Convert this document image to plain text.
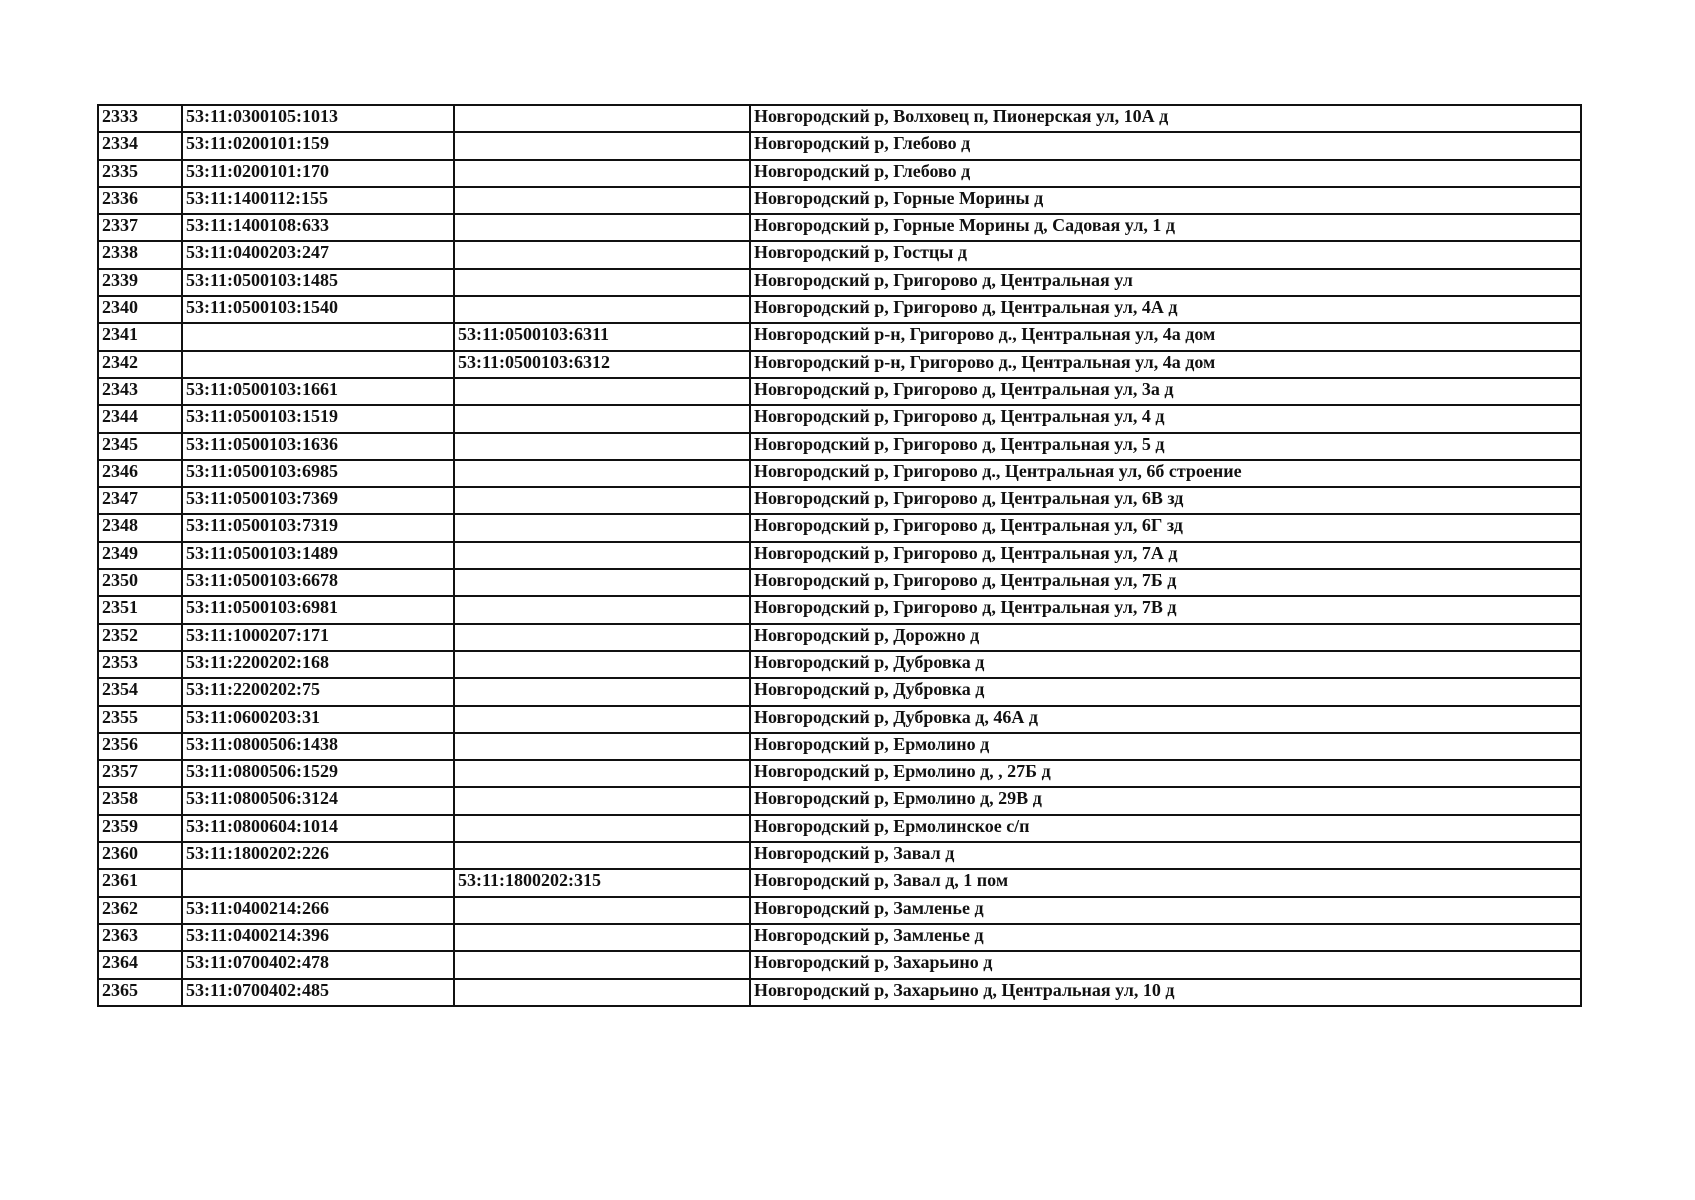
2333	53:11:0300105:1013		Новгородский р, Волховец п, Пионерская ул, 10А д
2334	53:11:0200101:159		Новгородский р, Глебово д
2335	53:11:0200101:170		Новгородский р, Глебово д
2336	53:11:1400112:155		Новгородский р, Горные Морины д
2337	53:11:1400108:633		Новгородский р, Горные Морины д, Садовая ул, 1 д
2338	53:11:0400203:247		Новгородский р, Гостцы д
2339	53:11:0500103:1485		Новгородский р, Григорово д, Центральная ул
2340	53:11:0500103:1540		Новгородский р, Григорово д, Центральная ул, 4А д
2341		53:11:0500103:6311	Новгородский р-н, Григорово д., Центральная ул, 4а дом
2342		53:11:0500103:6312	Новгородский р-н, Григорово д., Центральная ул, 4а дом
2343	53:11:0500103:1661		Новгородский р, Григорово д, Центральная ул, 3а д
2344	53:11:0500103:1519		Новгородский р, Григорово д, Центральная ул, 4 д
2345	53:11:0500103:1636		Новгородский р, Григорово д, Центральная ул, 5 д
2346	53:11:0500103:6985		Новгородский р, Григорово д., Центральная ул, 6б строение
2347	53:11:0500103:7369		Новгородский р, Григорово д, Центральная ул, 6В зд
2348	53:11:0500103:7319		Новгородский р, Григорово д, Центральная ул, 6Г зд
2349	53:11:0500103:1489		Новгородский р, Григорово д, Центральная ул, 7А д
2350	53:11:0500103:6678		Новгородский р, Григорово д, Центральная ул, 7Б д
2351	53:11:0500103:6981		Новгородский р, Григорово д, Центральная ул, 7В д
2352	53:11:1000207:171		Новгородский р, Дорожно д
2353	53:11:2200202:168		Новгородский р, Дубровка д
2354	53:11:2200202:75		Новгородский р, Дубровка д
2355	53:11:0600203:31		Новгородский р, Дубровка д, 46А д
2356	53:11:0800506:1438		Новгородский р, Ермолино д
2357	53:11:0800506:1529		Новгородский р, Ермолино д, , 27Б д
2358	53:11:0800506:3124		Новгородский р, Ермолино д, 29В д
2359	53:11:0800604:1014		Новгородский р, Ермолинское с/п
2360	53:11:1800202:226		Новгородский р, Завал д
2361		53:11:1800202:315	Новгородский р, Завал д, 1 пом
2362	53:11:0400214:266		Новгородский р, Замленье д
2363	53:11:0400214:396		Новгородский р, Замленье д
2364	53:11:0700402:478		Новгородский р, Захарьино д
2365	53:11:0700402:485		Новгородский р, Захарьино д, Центральная ул, 10 д
